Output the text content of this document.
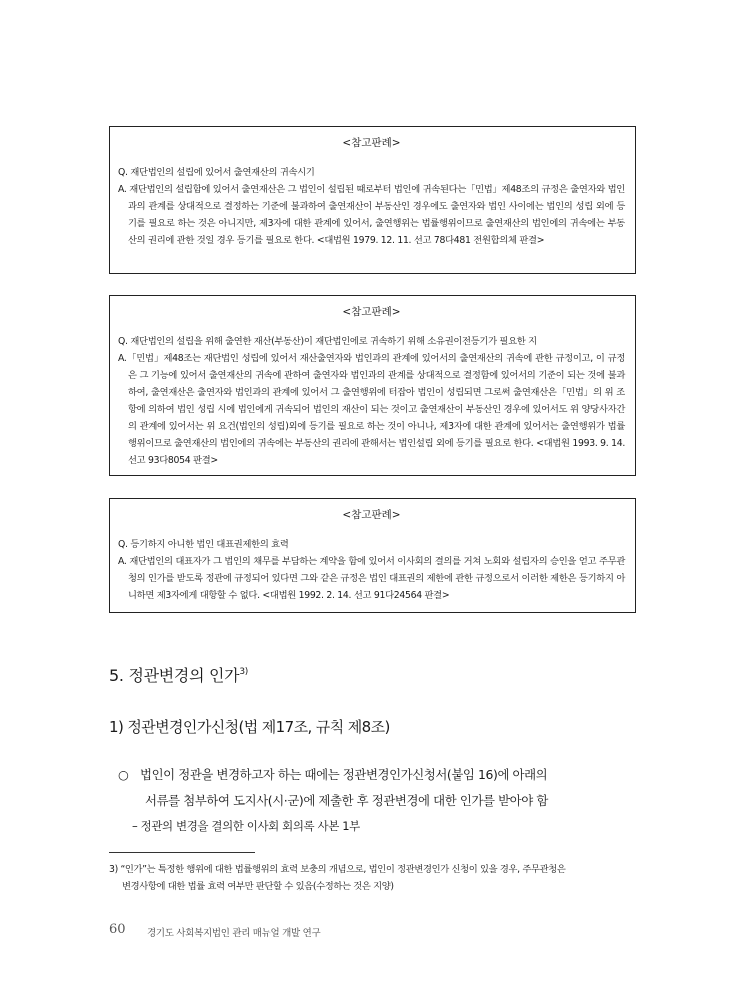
<참고판례>
Q. 재단법인의 설립에 있어서 출연재산의 귀속시기
A. 재단법인의 설립함에 있어서 출연재산은 그 법인이 설립된 때로부터 법인에 귀속된다는「민법」제48조의 규정은 출연자와 법인과의 관계를 상대적으로 결정하는 기준에 불과하여 출연재산이 부동산인 경우에도 출연자와 법인 사이에는 법인의 성립 외에 등기를 필요로 하는 것은 아니지만, 제3자에 대한 관계에 있어서, 출연행위는 법률행위이므로 출연재산의 법인에의 귀속에는 부동산의 권리에 관한 것일 경우 등기를 필요로 한다. <대법원 1979. 12. 11. 선고 78다481 전원합의체 판결>
<참고판례>
Q. 재단법인의 설립을 위해 출연한 재산(부동산)이 재단법인에로 귀속하기 위해 소유권이전등기가 필요한 지
A.「민법」제48조는 재단법인 성립에 있어서 재산출연자와 법인과의 관계에 있어서의 출연재산의 귀속에 관한 규정이고, 이 규정은 그 기능에 있어서 출연재산의 귀속에 관하여 출연자와 법인과의 관계를 상대적으로 결정함에 있어서의 기준이 되는 것에 불과하여, 출연재산은 출연자와 법인과의 관계에 있어서 그 출연행위에 터잡아 법인이 성립되면 그로써 출연재산은「민법」의 위 조항에 의하여 법인 성립 시에 법인에게 귀속되어 법인의 재산이 되는 것이고 출연재산이 부동산인 경우에 있어서도 위 양당사자간의 관계에 있어서는 위 요건(법인의 성립)외에 등기를 필요로 하는 것이 아니나, 제3자에 대한 관계에 있어서는 출연행위가 법률행위이므로 출연재산의 법인에의 귀속에는 부동산의 권리에 관해서는 법인설립 외에 등기를 필요로 한다. <대법원 1993. 9. 14. 선고 93다8054 판결>
<참고판례>
Q. 등기하지 아니한 법인 대표권제한의 효력
A. 재단법인의 대표자가 그 법인의 채무를 부담하는 계약을 함에 있어서 이사회의 결의를 거쳐 노회와 설립자의 승인을 얻고 주무관청의 인가를 받도록 정관에 규정되어 있다면 그와 같은 규정은 법인 대표권의 제한에 관한 규정으로서 이러한 제한은 등기하지 아니하면 제3자에게 대항할 수 없다. <대법원 1992. 2. 14. 선고 91다24564 판결>
5. 정관변경의 인가$^{3)}$
1) 정관변경인가신청(법 제17조, 규칙 제8조)
○ 법인이 정관을 변경하고자 하는 때에는 정관변경인가신청서(붙임 16)에 아래의
서류를 첨부하여 도지사(시·군)에 제출한 후 정관변경에 대한 인가를 받아야 함
– 정관의 변경을 결의한 이사회 회의록 사본 1부
3) “인가”는 특정한 행위에 대한 법률행위의 효력 보충의 개념으로, 법인이 정관변경인가 신청이 있을 경우, 주무관청은
변경사항에 대한 법률 효력 여부만 판단할 수 있음(수정하는 것은 지양)
60 경기도 사회복지법인 관리 매뉴얼 개발 연구
